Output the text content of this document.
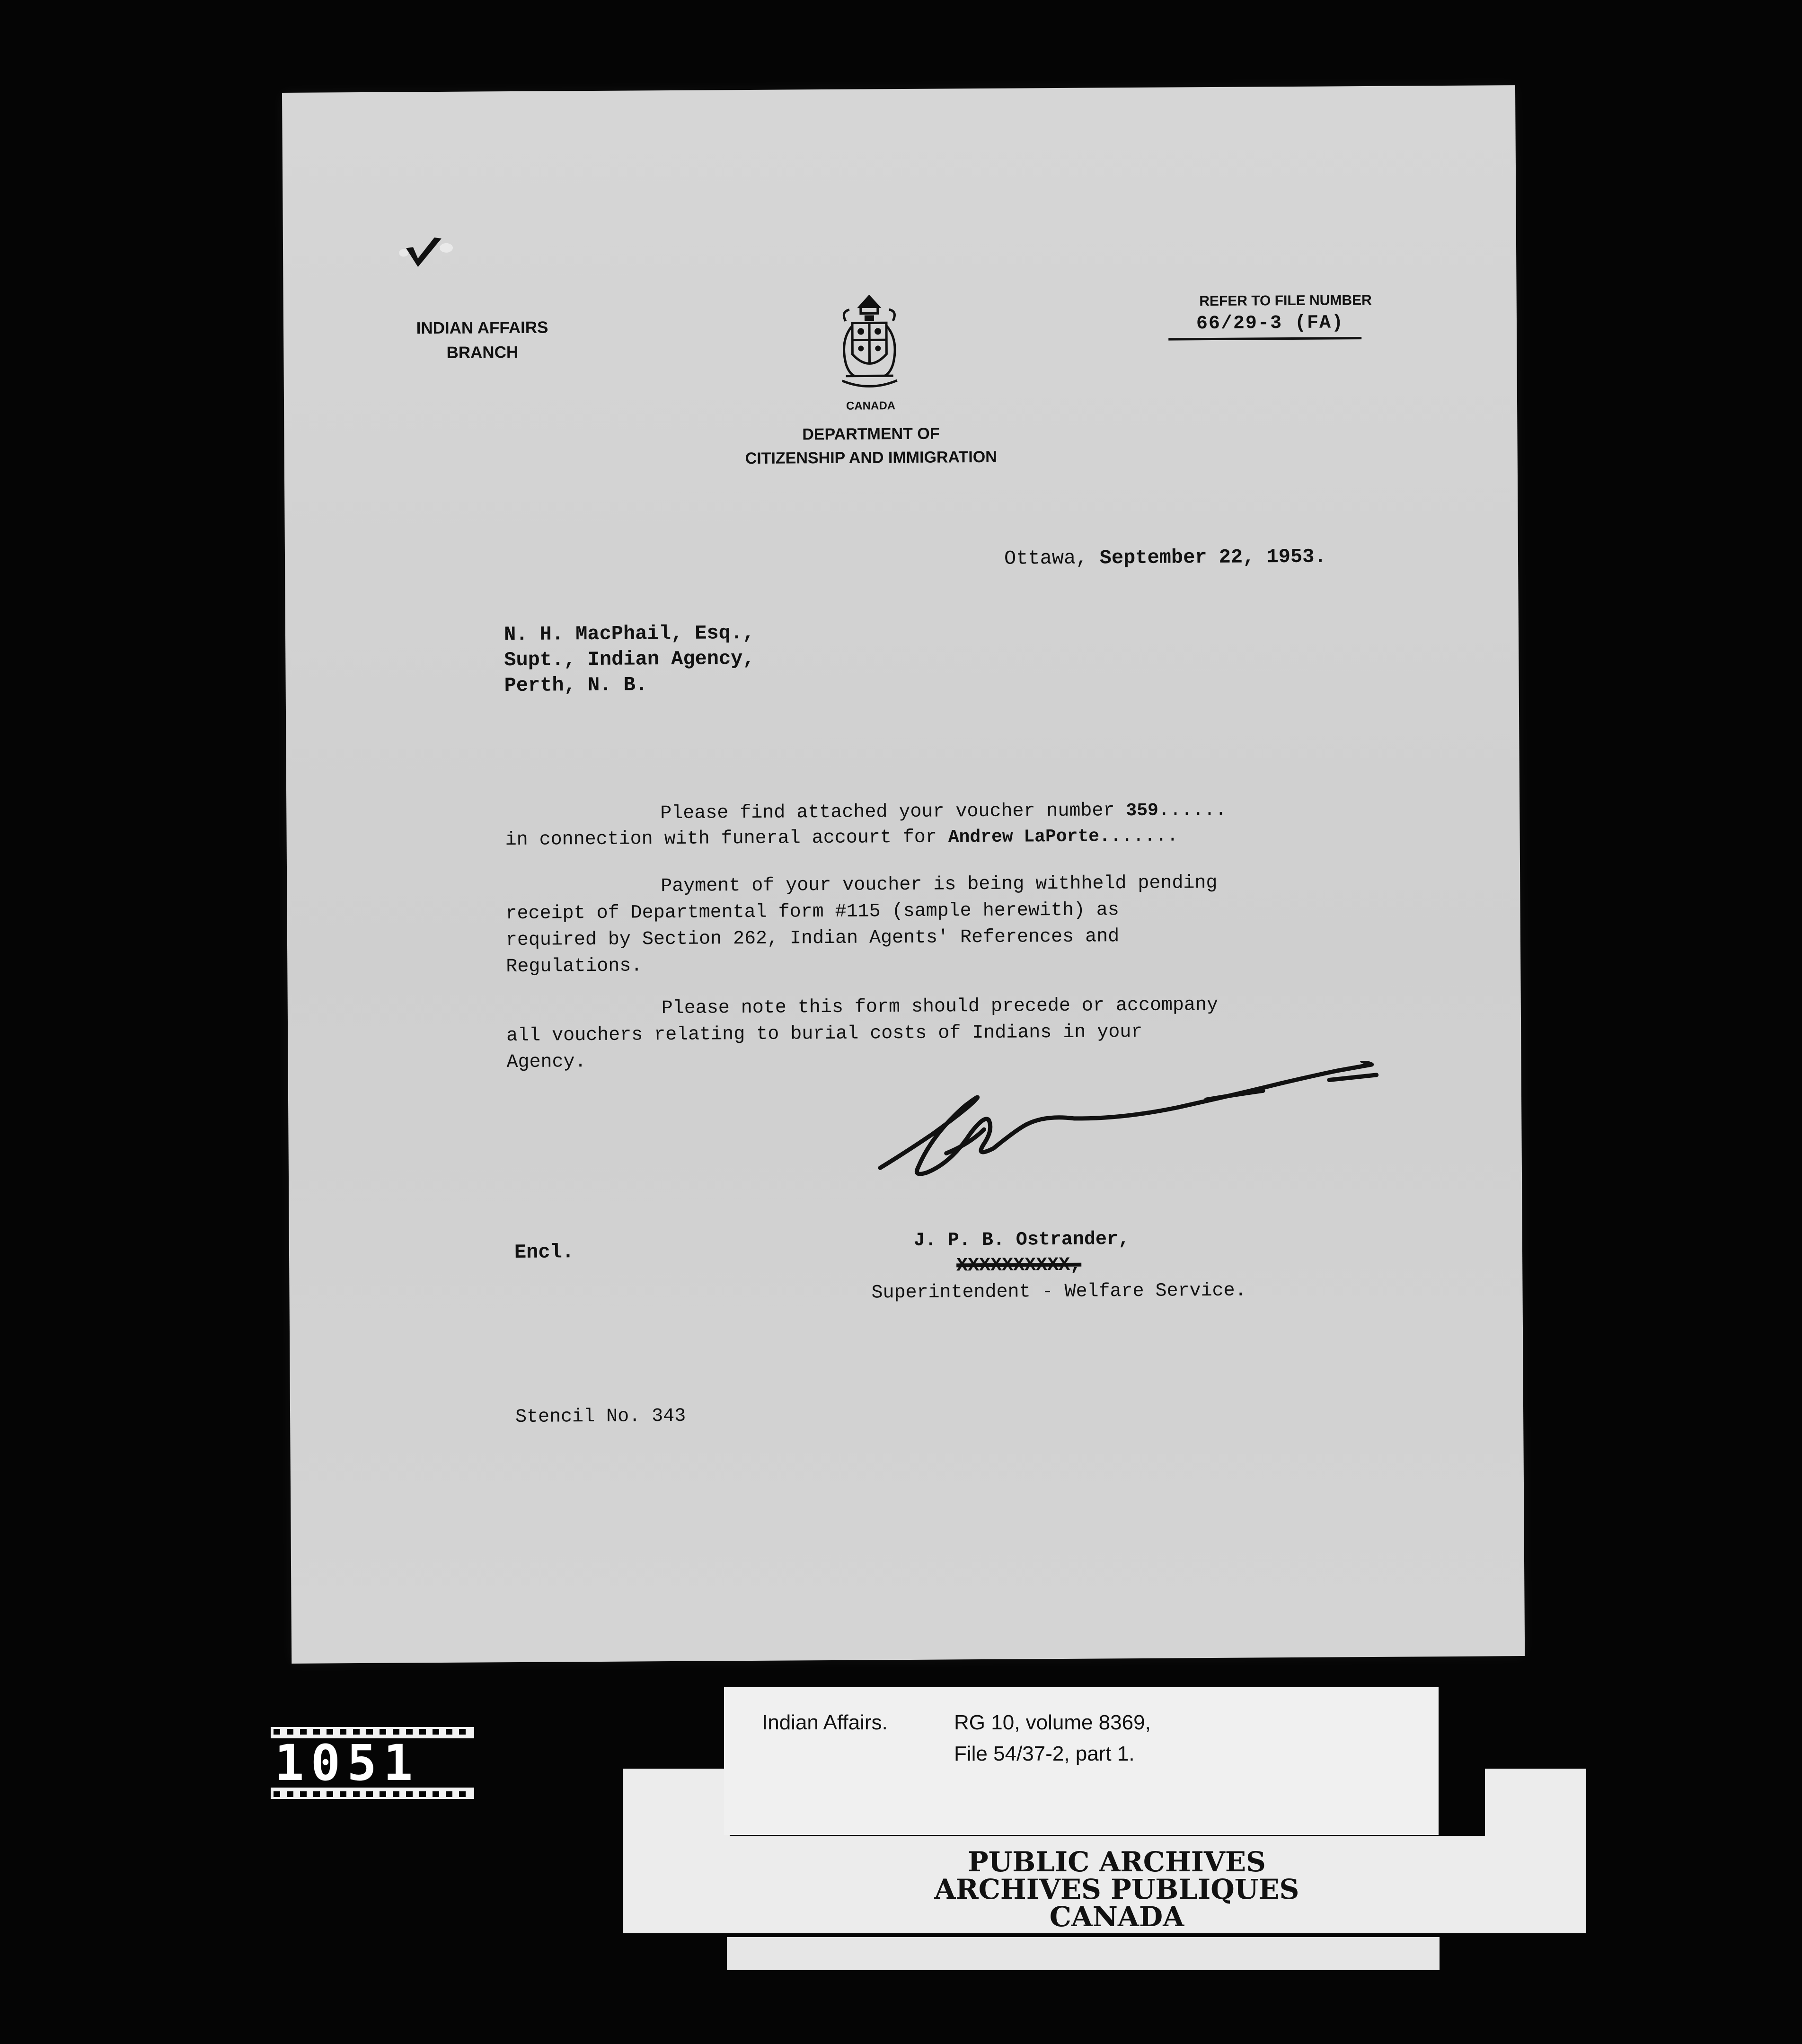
INDIAN AFFAIRS
BRANCH
CANADA
DEPARTMENT OF
CITIZENSHIP AND IMMIGRATION
REFER TO FILE NUMBER
66/29-3 (FA)
Ottawa, September 22, 1953.
N. H. MacPhail, Esq.,
Supt., Indian Agency,
Perth, N. B.
Please find attached your voucher number 359......
in connection with funeral accourt for Andrew LaPorte.......
Payment of your voucher is being withheld pending
receipt of Departmental form #115 (sample herewith) as
required by Section 262, Indian Agents' References and
Regulations.
Please note this form should precede or accompany
all vouchers relating to burial costs of Indians in your
Agency.
J. P. B. Ostrander,
XXXXXXXXXX,
Superintendent - Welfare Service.
Encl.
Stencil No. 343
Indian Affairs.	RG 10, volume 8369,
File 54/37-2, part 1.
PUBLIC ARCHIVES
ARCHIVES PUBLIQUES
CANADA
1051
